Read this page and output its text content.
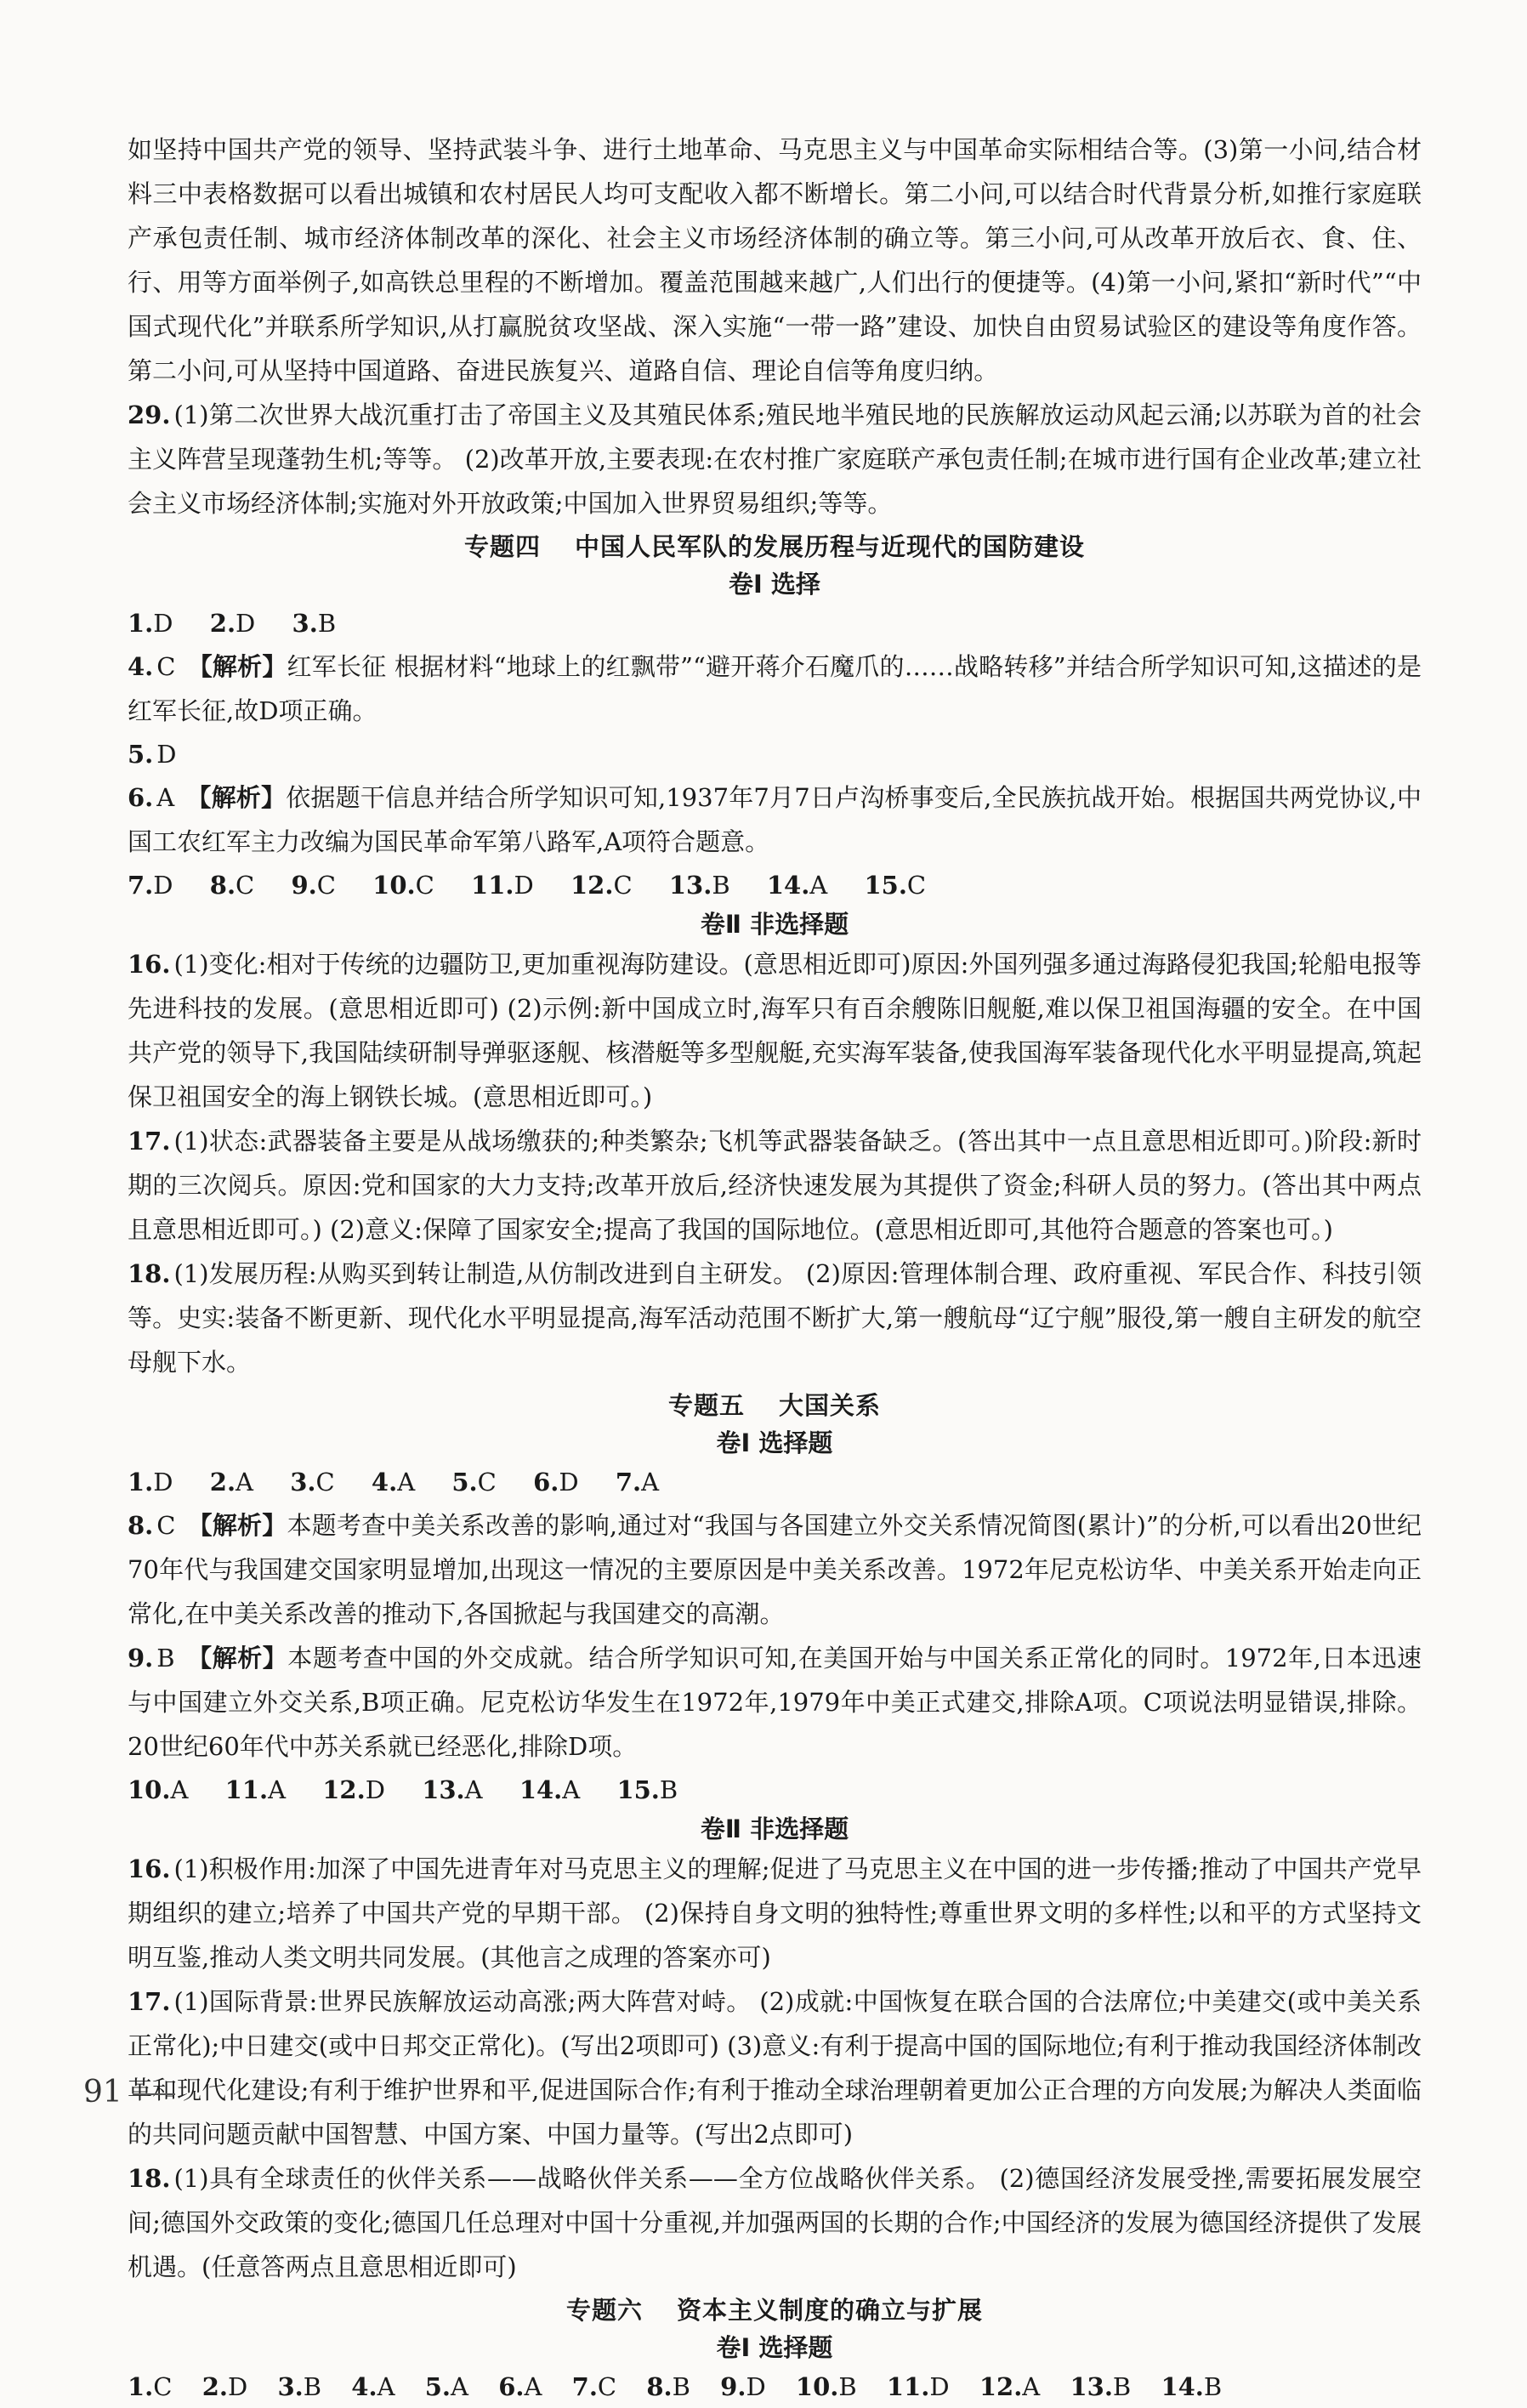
如坚持中国共产党的领导、坚持武装斗争、进行土地革命、马克思主义与中国革命实际相结合等。(3)第一小问,结合材料三中表格数据可以看出城镇和农村居民人均可支配收入都不断增长。第二小问,可以结合时代背景分析,如推行家庭联产承包责任制、城市经济体制改革的深化、社会主义市场经济体制的确立等。第三小问,可从改革开放后衣、食、住、行、用等方面举例子,如高铁总里程的不断增加。覆盖范围越来越广,人们出行的便捷等。(4)第一小问,紧扣“新时代”“中国式现代化”并联系所学知识,从打赢脱贫攻坚战、深入实施“一带一路”建设、加快自由贸易试验区的建设等角度作答。第二小问,可从坚持中国道路、奋进民族复兴、道路自信、理论自信等角度归纳。

29. (1)第二次世界大战沉重打击了帝国主义及其殖民体系;殖民地半殖民地的民族解放运动风起云涌;以苏联为首的社会主义阵营呈现蓬勃生机;等等。 (2)改革开放,主要表现:在农村推广家庭联产承包责任制;在城市进行国有企业改革;建立社会主义市场经济体制;实施对外开放政策;中国加入世界贸易组织;等等。

专题四 中国人民军队的发展历程与近现代的国防建设
卷Ⅰ 选择

1.D 2.D 3.B

4. C 【解析】红军长征 根据材料“地球上的红飘带”“避开蒋介石魔爪的……战略转移”并结合所学知识可知,这描述的是红军长征,故D项正确。

5. D

6. A 【解析】依据题干信息并结合所学知识可知,1937年7月7日卢沟桥事变后,全民族抗战开始。根据国共两党协议,中国工农红军主力改编为国民革命军第八路军,A项符合题意。

7.D 8.C 9.C 10.C 11.D 12.C 13.B 14.A 15.C

卷Ⅱ 非选择题

16. (1)变化:相对于传统的边疆防卫,更加重视海防建设。(意思相近即可)原因:外国列强多通过海路侵犯我国;轮船电报等先进科技的发展。(意思相近即可) (2)示例:新中国成立时,海军只有百余艘陈旧舰艇,难以保卫祖国海疆的安全。在中国共产党的领导下,我国陆续研制导弹驱逐舰、核潜艇等多型舰艇,充实海军装备,使我国海军装备现代化水平明显提高,筑起保卫祖国安全的海上钢铁长城。(意思相近即可。)

17. (1)状态:武器装备主要是从战场缴获的;种类繁杂;飞机等武器装备缺乏。(答出其中一点且意思相近即可。)阶段:新时期的三次阅兵。原因:党和国家的大力支持;改革开放后,经济快速发展为其提供了资金;科研人员的努力。(答出其中两点且意思相近即可。) (2)意义:保障了国家安全;提高了我国的国际地位。(意思相近即可,其他符合题意的答案也可。)

18. (1)发展历程:从购买到转让制造,从仿制改进到自主研发。 (2)原因:管理体制合理、政府重视、军民合作、科技引领等。史实:装备不断更新、现代化水平明显提高,海军活动范围不断扩大,第一艘航母“辽宁舰”服役,第一艘自主研发的航空母舰下水。

专题五 大国关系
卷Ⅰ 选择题

1.D 2.A 3.C 4.A 5.C 6.D 7.A

8. C 【解析】本题考查中美关系改善的影响,通过对“我国与各国建立外交关系情况简图(累计)”的分析,可以看出20世纪70年代与我国建交国家明显增加,出现这一情况的主要原因是中美关系改善。1972年尼克松访华、中美关系开始走向正常化,在中美关系改善的推动下,各国掀起与我国建交的高潮。

9. B 【解析】本题考查中国的外交成就。结合所学知识可知,在美国开始与中国关系正常化的同时。1972年,日本迅速与中国建立外交关系,B项正确。尼克松访华发生在1972年,1979年中美正式建交,排除A项。C项说法明显错误,排除。20世纪60年代中苏关系就已经恶化,排除D项。

10.A 11.A 12.D 13.A 14.A 15.B

卷Ⅱ 非选择题

16. (1)积极作用:加深了中国先进青年对马克思主义的理解;促进了马克思主义在中国的进一步传播;推动了中国共产党早期组织的建立;培养了中国共产党的早期干部。 (2)保持自身文明的独特性;尊重世界文明的多样性;以和平的方式坚持文明互鉴,推动人类文明共同发展。(其他言之成理的答案亦可)

17. (1)国际背景:世界民族解放运动高涨;两大阵营对峙。 (2)成就:中国恢复在联合国的合法席位;中美建交(或中美关系正常化);中日建交(或中日邦交正常化)。(写出2项即可) (3)意义:有利于提高中国的国际地位;有利于推动我国经济体制改革和现代化建设;有利于维护世界和平,促进国际合作;有利于推动全球治理朝着更加公正合理的方向发展;为解决人类面临的共同问题贡献中国智慧、中国方案、中国力量等。(写出2点即可)

18. (1)具有全球责任的伙伴关系——战略伙伴关系——全方位战略伙伴关系。 (2)德国经济发展受挫,需要拓展发展空间;德国外交政策的变化;德国几任总理对中国十分重视,并加强两国的长期的合作;中国经济的发展为德国经济提供了发展机遇。(任意答两点且意思相近即可)

专题六 资本主义制度的确立与扩展
卷Ⅰ 选择题

1.C 2.D 3.B 4.A 5.A 6.A 7.C 8.B 9.D 10.B 11.D 12.A 13.B 14.B

91
